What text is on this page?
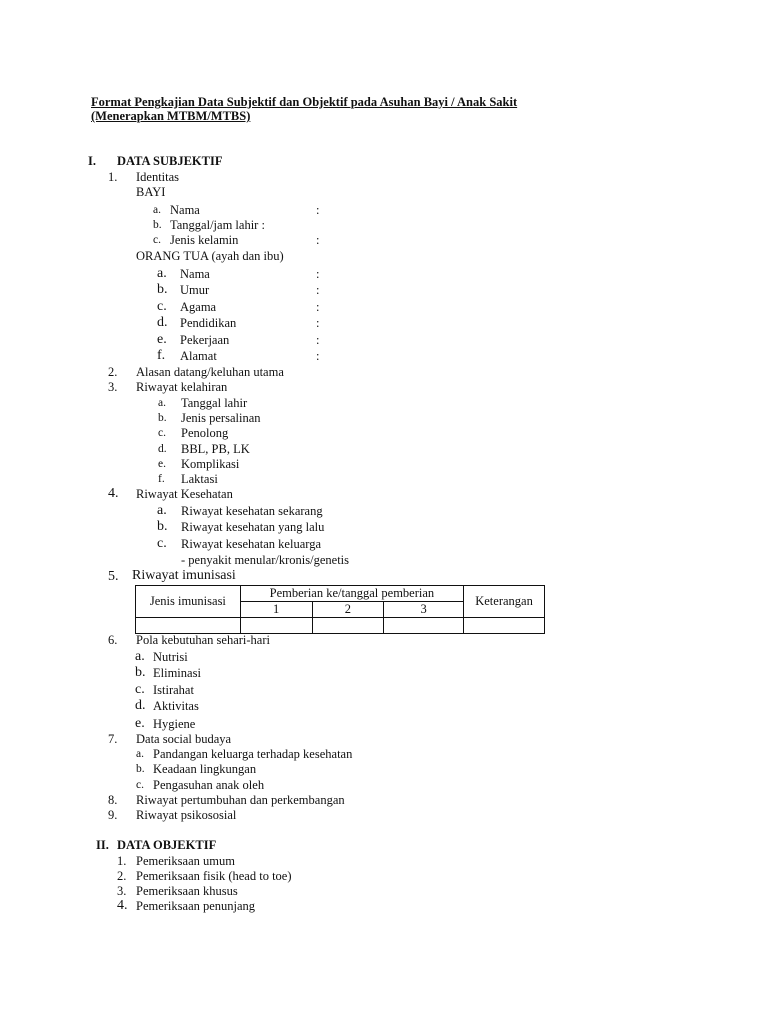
Format Pengkajian Data Subjektif dan Objektif pada Asuhan Bayi / Anak Sakit
(Menerapkan MTBM/MTBS)
I. DATA SUBJEKTIF
1. Identitas
BAYI
a. Nama	:
b. Tanggal/jam lahir :
c. Jenis kelamin	:
ORANG TUA (ayah dan ibu)
a. Nama	:
b. Umur	:
c. Agama	:
d. Pendidikan	:
e. Pekerjaan	:
f. Alamat	:
2. Alasan datang/keluhan utama
3. Riwayat kelahiran
a. Tanggal lahir
b. Jenis persalinan
c. Penolong
d. BBL, PB, LK
e. Komplikasi
f. Laktasi
4. Riwayat Kesehatan
a. Riwayat kesehatan sekarang
b. Riwayat kesehatan yang lalu
c. Riwayat kesehatan keluarga
- penyakit menular/kronis/genetis
5. Riwayat imunisasi
Jenis imunisasi	Pemberian ke/tanggal pemberian			Keterangan
	1	2	3	

6. Pola kebutuhan sehari-hari
a. Nutrisi
b. Eliminasi
c. Istirahat
d. Aktivitas
e. Hygiene
7. Data social budaya
a. Pandangan keluarga terhadap kesehatan
b. Keadaan lingkungan
c. Pengasuhan anak oleh
8. Riwayat pertumbuhan dan perkembangan
9. Riwayat psikososial
II. DATA OBJEKTIF
1. Pemeriksaan umum
2. Pemeriksaan fisik (head to toe)
3. Pemeriksaan khusus
4. Pemeriksaan penunjang
